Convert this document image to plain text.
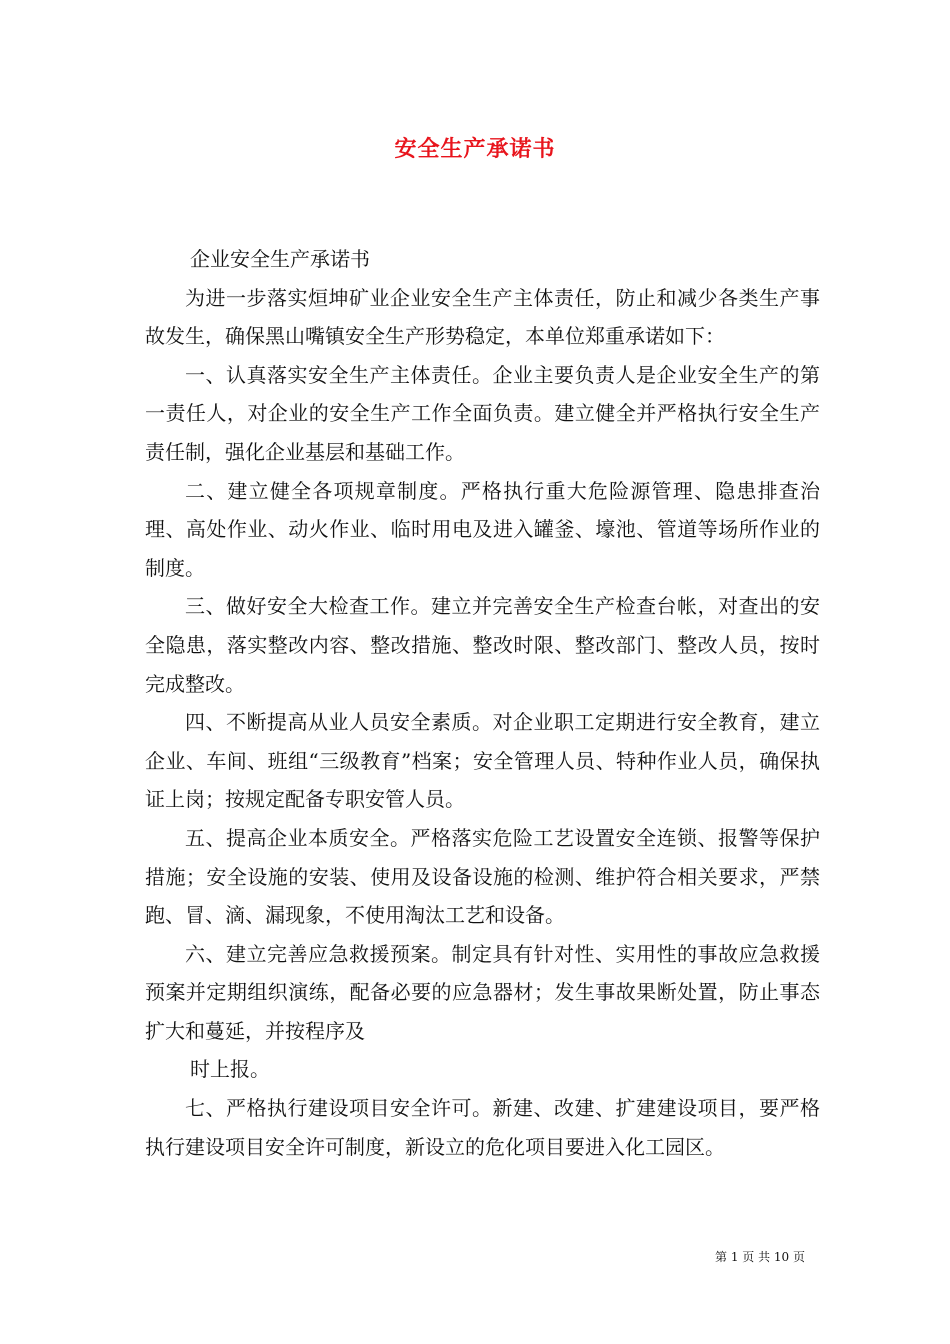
安全生产承诺书

企业安全生产承诺书

为进一步落实烜坤矿业企业安全生产主体责任，防止和减少各类生产事故发生，确保黑山嘴镇安全生产形势稳定，本单位郑重承诺如下：

一、认真落实安全生产主体责任。企业主要负责人是企业安全生产的第一责任人，对企业的安全生产工作全面负责。建立健全并严格执行安全生产责任制，强化企业基层和基础工作。

二、建立健全各项规章制度。严格执行重大危险源管理、隐患排查治理、高处作业、动火作业、临时用电及进入罐釜、壕池、管道等场所作业的制度。

三、做好安全大检查工作。建立并完善安全生产检查台帐，对查出的安全隐患，落实整改内容、整改措施、整改时限、整改部门、整改人员，按时完成整改。

四、不断提高从业人员安全素质。对企业职工定期进行安全教育，建立企业、车间、班组“三级教育”档案；安全管理人员、特种作业人员，确保执证上岗；按规定配备专职安管人员。

五、提高企业本质安全。严格落实危险工艺设置安全连锁、报警等保护措施；安全设施的安装、使用及设备设施的检测、维护符合相关要求，严禁跑、冒、滴、漏现象，不使用淘汰工艺和设备。

六、建立完善应急救援预案。制定具有针对性、实用性的事故应急救援预案并定期组织演练，配备必要的应急器材；发生事故果断处置，防止事态扩大和蔓延，并按程序及

时上报。

七、严格执行建设项目安全许可。新建、改建、扩建建设项目，要严格执行建设项目安全许可制度，新设立的危化项目要进入化工园区。

第 1 页 共 10 页
